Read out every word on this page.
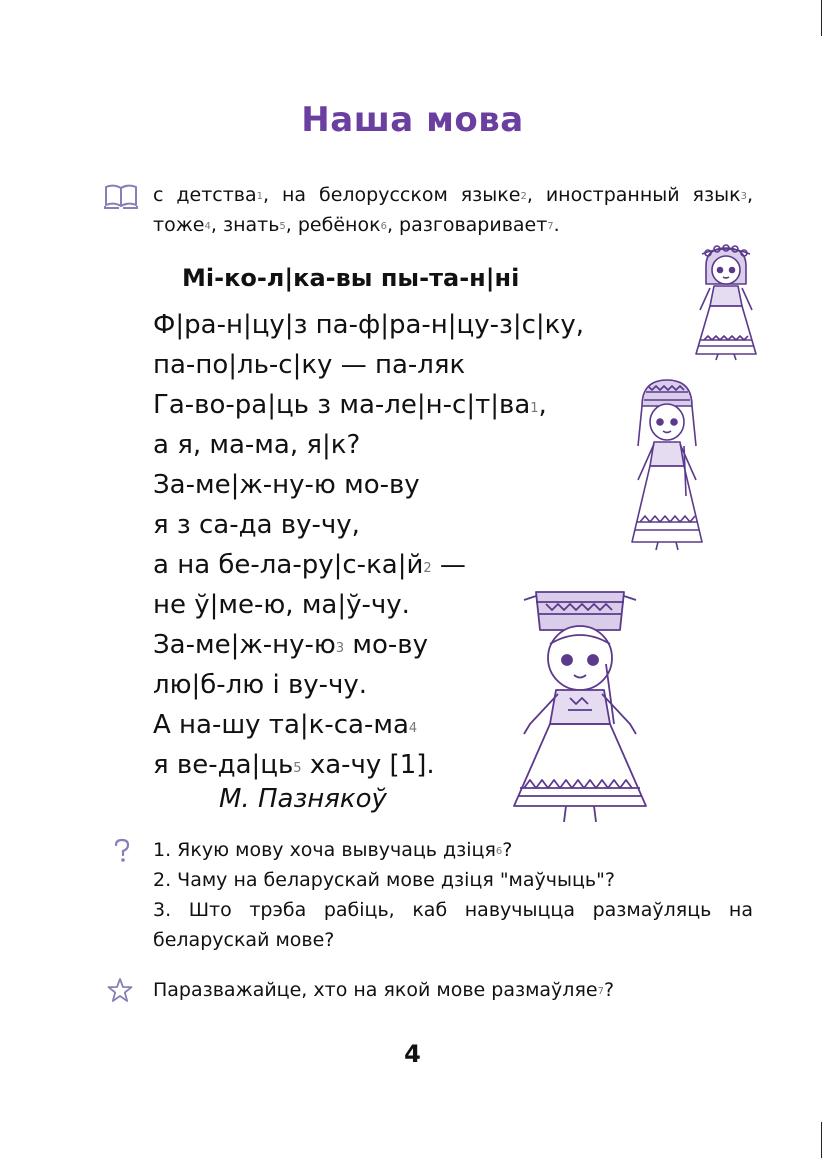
Наша мова
с детства$^1$, на белорусском языке$^2$, иностранный язык$^3$, тоже$^4$, знать$^5$, ребёнок$^6$, разговаривает$^7$.
Мі-ко-л|ка-вы пы-та-н|ні
Ф|ра-н|цу|з па-ф|ра-н|цу-з|с|ку,
па-по|ль-с|ку — па-ляк
Га-во-ра|ць з $ма-ле|н-с|т|ва^1$,
а я, ма-ма, я|к?
За-ме|ж-ну-ю мо-ву
я з са-да ву-чу,
а на $бе-ла-ру|с-ка|й^2$ —
не ў|ме-ю, ма|ў-чу.
$За-ме|ж-ну-ю^3$ мо-ву
лю|б-лю і ву-чу.
А на-шу $та|к-са-ма^4$
я $ве-да|ць^5$ ха-чу [1].
М. Пазнякоў
1. Якую мову хоча вывучаць дзіця$^6$?
2. Чаму на беларускай мове дзіця "маўчыць"?
3. Што трэба рабіць, каб навучыцца размаўляць на беларускай мове?
Паразважайце, хто на якой мове размаўляе$^7$?
4
